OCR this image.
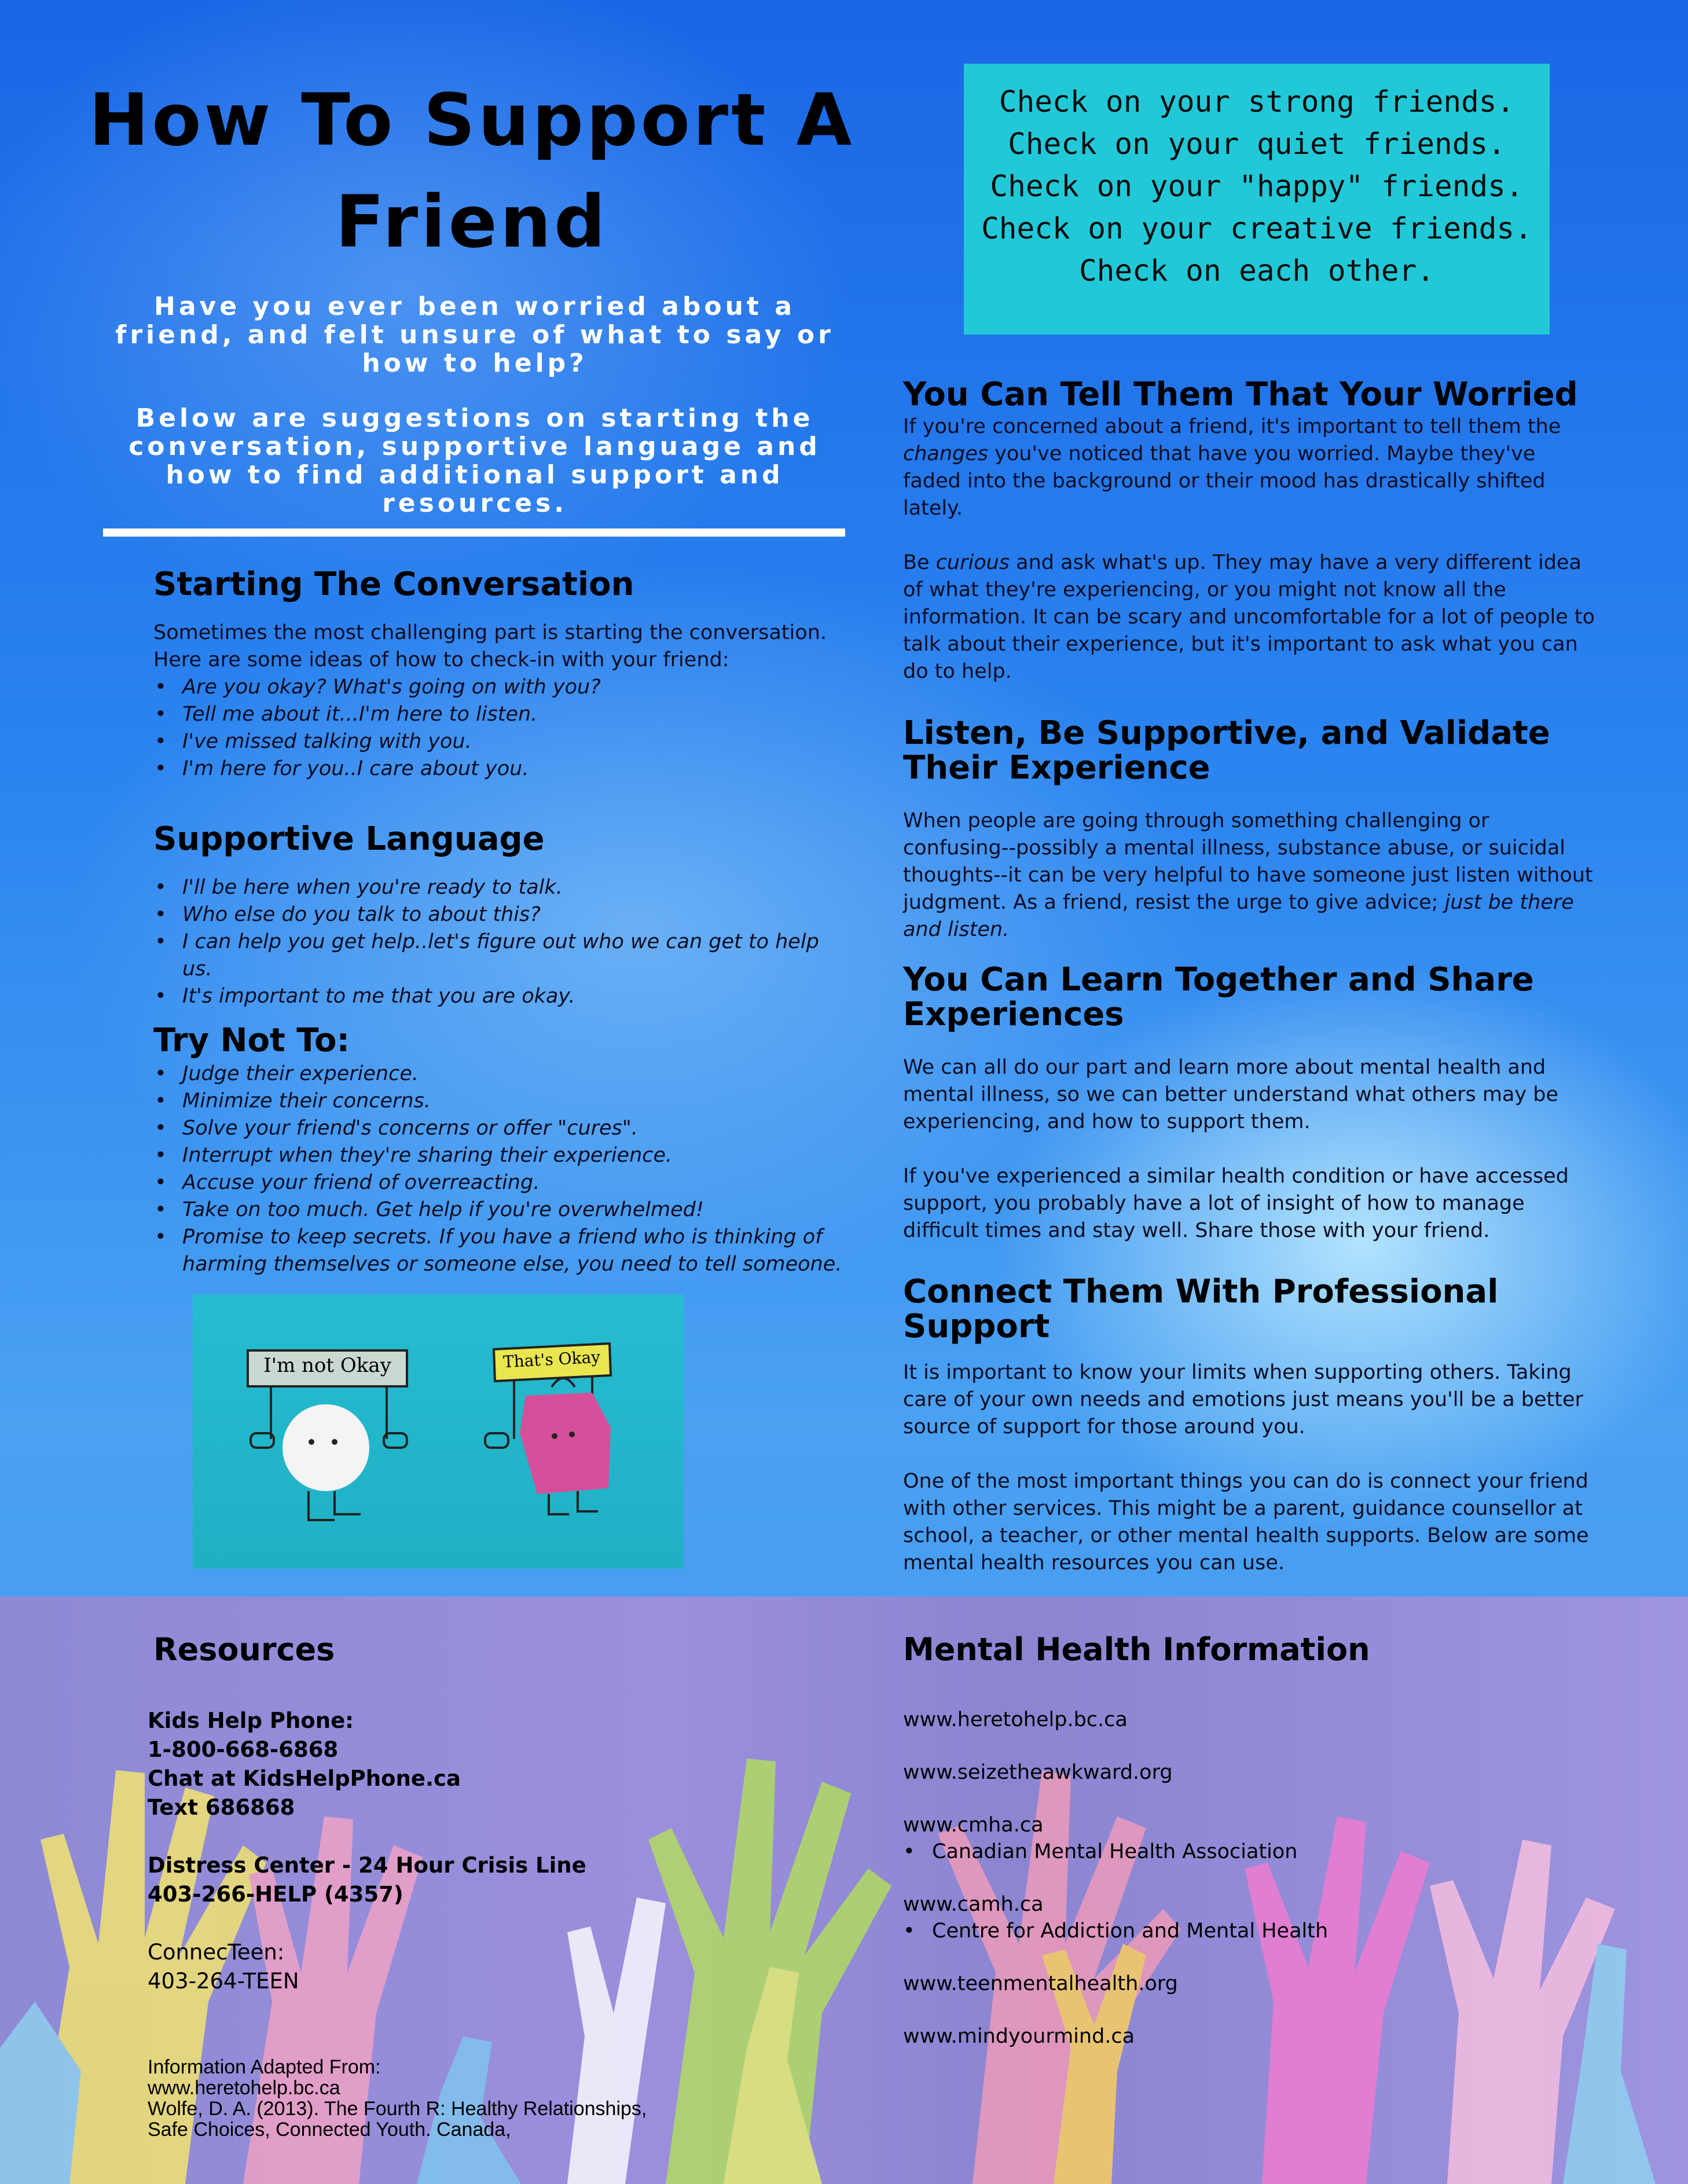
How To Support A Friend

Have you ever been worried about a friend, and felt unsure of what to say or how to help?

Below are suggestions on starting the conversation, supportive language and how to find additional support and resources.

Check on your strong friends.
Check on your quiet friends.
Check on your "happy" friends.
Check on your creative friends.
Check on each other.
Starting The Conversation

Sometimes the most challenging part is starting the conversation. Here are some ideas of how to check-in with your friend:

• Are you okay? What's going on with you?
• Tell me about it...I'm here to listen.
• I've missed talking with you.
• I'm here for you..I care about you.
Supportive Language
• I'll be here when you're ready to talk.
• Who else do you talk to about this?
• I can help you get help..let's figure out who we can get to help us.
• It's important to me that you are okay.
Try Not To:
• Judge their experience.
• Minimize their concerns.
• Solve your friend's concerns or offer "cures".
• Interrupt when they're sharing their experience.
• Accuse your friend of overreacting.
• Take on too much. Get help if you're overwhelmed!
• Promise to keep secrets. If you have a friend who is thinking of harming themselves or someone else, you need to tell someone.
I'm not Okay	That's Okay
You Can Tell Them That Your Worried

If you're concerned about a friend, it's important to tell them the changes you've noticed that have you worried. Maybe they've faded into the background or their mood has drastically shifted lately.

Be curious and ask what's up. They may have a very different idea of what they're experiencing, or you might not know all the information. It can be scary and uncomfortable for a lot of people to talk about their experience, but it's important to ask what you can do to help.

Listen, Be Supportive, and Validate Their Experience

When people are going through something challenging or confusing--possibly a mental illness, substance abuse, or suicidal thoughts--it can be very helpful to have someone just listen without judgment. As a friend, resist the urge to give advice; just be there and listen.

You Can Learn Together and Share Experiences

We can all do our part and learn more about mental health and mental illness, so we can better understand what others may be experiencing, and how to support them.

If you've experienced a similar health condition or have accessed support, you probably have a lot of insight of how to manage difficult times and stay well. Share those with your friend.

Connect Them With Professional Support

It is important to know your limits when supporting others. Taking care of your own needs and emotions just means you'll be a better source of support for those around you.

One of the most important things you can do is connect your friend with other services. This might be a parent, guidance counsellor at school, a teacher, or other mental health supports. Below are some mental health resources you can use.

Resources
Kids Help Phone:
1-800-668-6868
Chat at KidsHelpPhone.ca
Text 686868
Distress Center - 24 Hour Crisis Line
403-266-HELP (4357)
ConnecTeen:
403-264-TEEN
Information Adapted From:
www.heretohelp.bc.ca
Wolfe, D. A. (2013). The Fourth R: Healthy Relationships,
Safe Choices, Connected Youth. Canada,
Mental Health Information
www.heretohelp.bc.ca
www.seizetheawkward.org
www.cmha.ca
• Canadian Mental Health Association
www.camh.ca
• Centre for Addiction and Mental Health
www.teenmentalhealth.org
www.mindyourmind.ca
